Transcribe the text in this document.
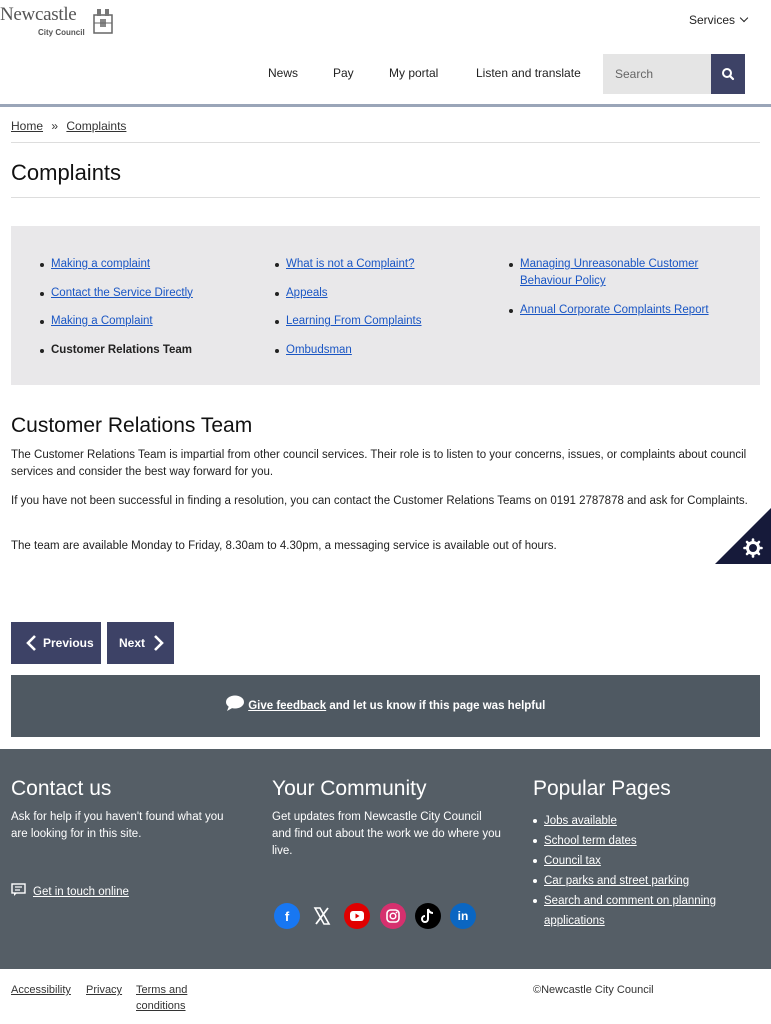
Newcastle
City Council
Services
News	Pay	My portal	Listen and translate
Search
Home » Complaints
Complaints
Making a complaint
Contact the Service Directly
Making a Complaint
Customer Relations Team
What is not a Complaint?
Appeals
Learning From Complaints
Ombudsman
Managing Unreasonable Customer Behaviour Policy
Annual Corporate Complaints Report
Customer Relations Team

The Customer Relations Team is impartial from other council services. Their role is to listen to your concerns, issues, or complaints about council services and consider the best way forward for you.

If you have not been successful in finding a resolution, you can contact the Customer Relations Teams on 0191 2787878 and ask for Complaints.

The team are available Monday to Friday, 8.30am to 4.30pm, a messaging service is available out of hours.

Previous Next
Give feedback and let us know if this page was helpful
Contact us

Ask for help if you haven't found what you are looking for in this site.

Get in touch online
Your Community

Get updates from Newcastle City Council and find out about the work we do where you live.

Popular Pages
Jobs available
School term dates
Council tax
Car parks and street parking
Search and comment on planning applications
f	in
Accessibility Privacy Terms and conditions
©Newcastle City Council
